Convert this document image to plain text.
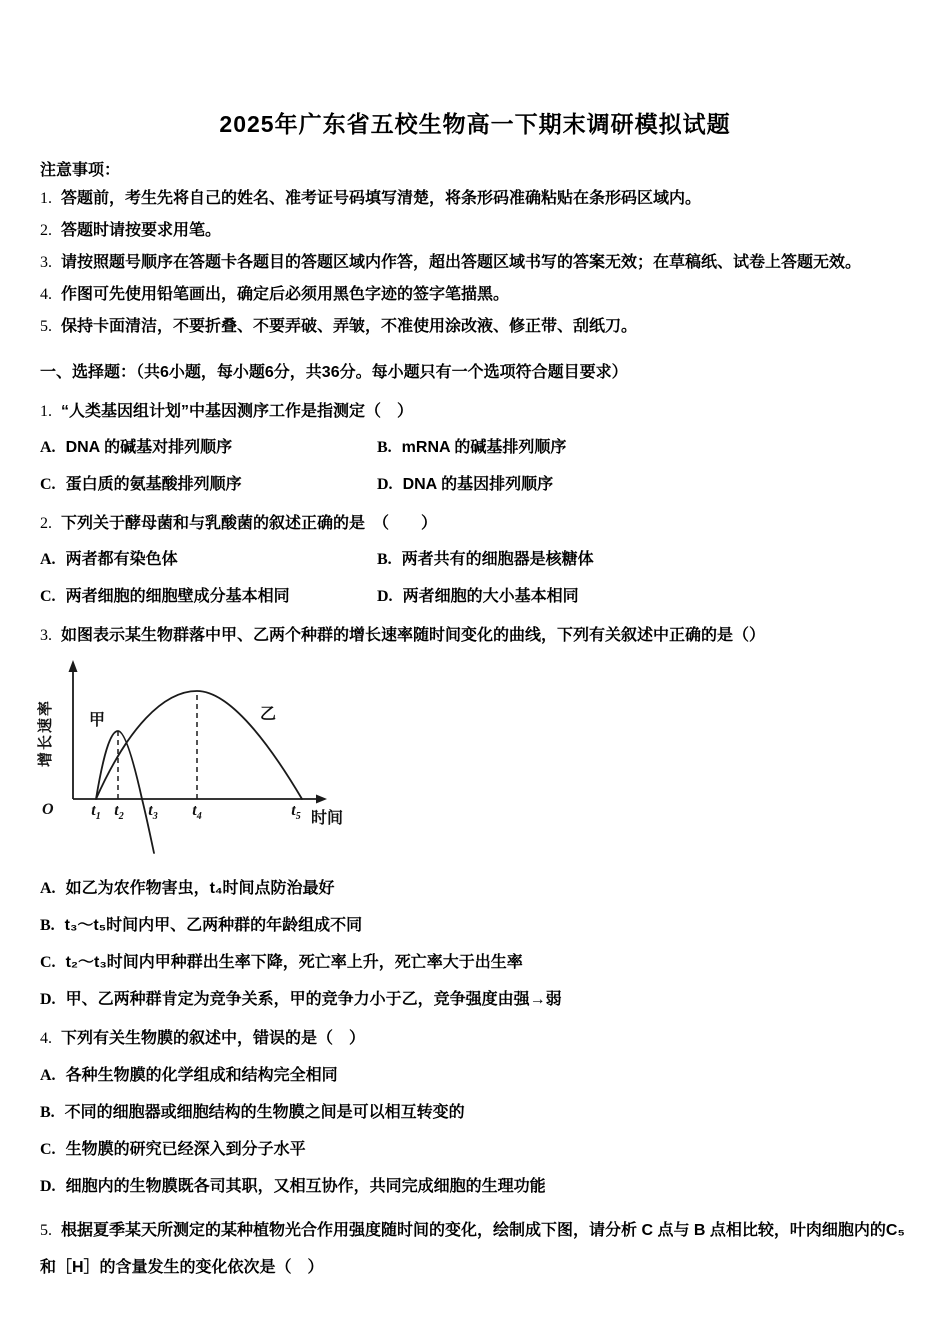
2025年广东省五校生物高一下期末调研模拟试题
注意事项：

1. 答题前，考生先将自己的姓名、准考证号码填写清楚，将条形码准确粘贴在条形码区域内。

2. 答题时请按要求用笔。

3. 请按照题号顺序在答题卡各题目的答题区域内作答，超出答题区域书写的答案无效；在草稿纸、试卷上答题无效。

4. 作图可先使用铅笔画出，确定后必须用黑色字迹的签字笔描黑。

5. 保持卡面清洁，不要折叠、不要弄破、弄皱，不准使用涂改液、修正带、刮纸刀。

一、选择题：（共6小题，每小题6分，共36分。每小题只有一个选项符合题目要求）

1. “人类基因组计划”中基因测序工作是指测定（　）

A. DNA 的碱基对排列顺序	B. mRNA 的碱基排列顺序

C. 蛋白质的氨基酸排列顺序	D. DNA 的基因排列顺序

2. 下列关于酵母菌和与乳酸菌的叙述正确的是　（　　）

A. 两者都有染色体	B. 两者共有的细胞器是核糖体

C. 两者细胞的细胞壁成分基本相同	D. 两者细胞的大小基本相同

3. 如图表示某生物群落中甲、乙两个种群的增长速率随时间变化的曲线，下列有关叙述中正确的是（）

甲	乙
O
增长速率
时间
$t_1$ $t_2$ $t_3$ $t_4$	$t_5$

A. 如乙为农作物害虫，t₄时间点防治最好

B. t₃～t₅时间内甲、乙两种群的年龄组成不同

C. t₂～t₃时间内甲种群出生率下降，死亡率上升，死亡率大于出生率

D. 甲、乙两种群肯定为竞争关系，甲的竞争力小于乙，竞争强度由强→弱

4. 下列有关生物膜的叙述中，错误的是（　）

A. 各种生物膜的化学组成和结构完全相同

B. 不同的细胞器或细胞结构的生物膜之间是可以相互转变的

C. 生物膜的研究已经深入到分子水平

D. 细胞内的生物膜既各司其职，又相互协作，共同完成细胞的生理功能

5. 根据夏季某天所测定的某种植物光合作用强度随时间的变化，绘制成下图，请分析 C 点与 B 点相比较，叶肉细胞内的C₅和［H］的含量发生的变化依次是（　）
